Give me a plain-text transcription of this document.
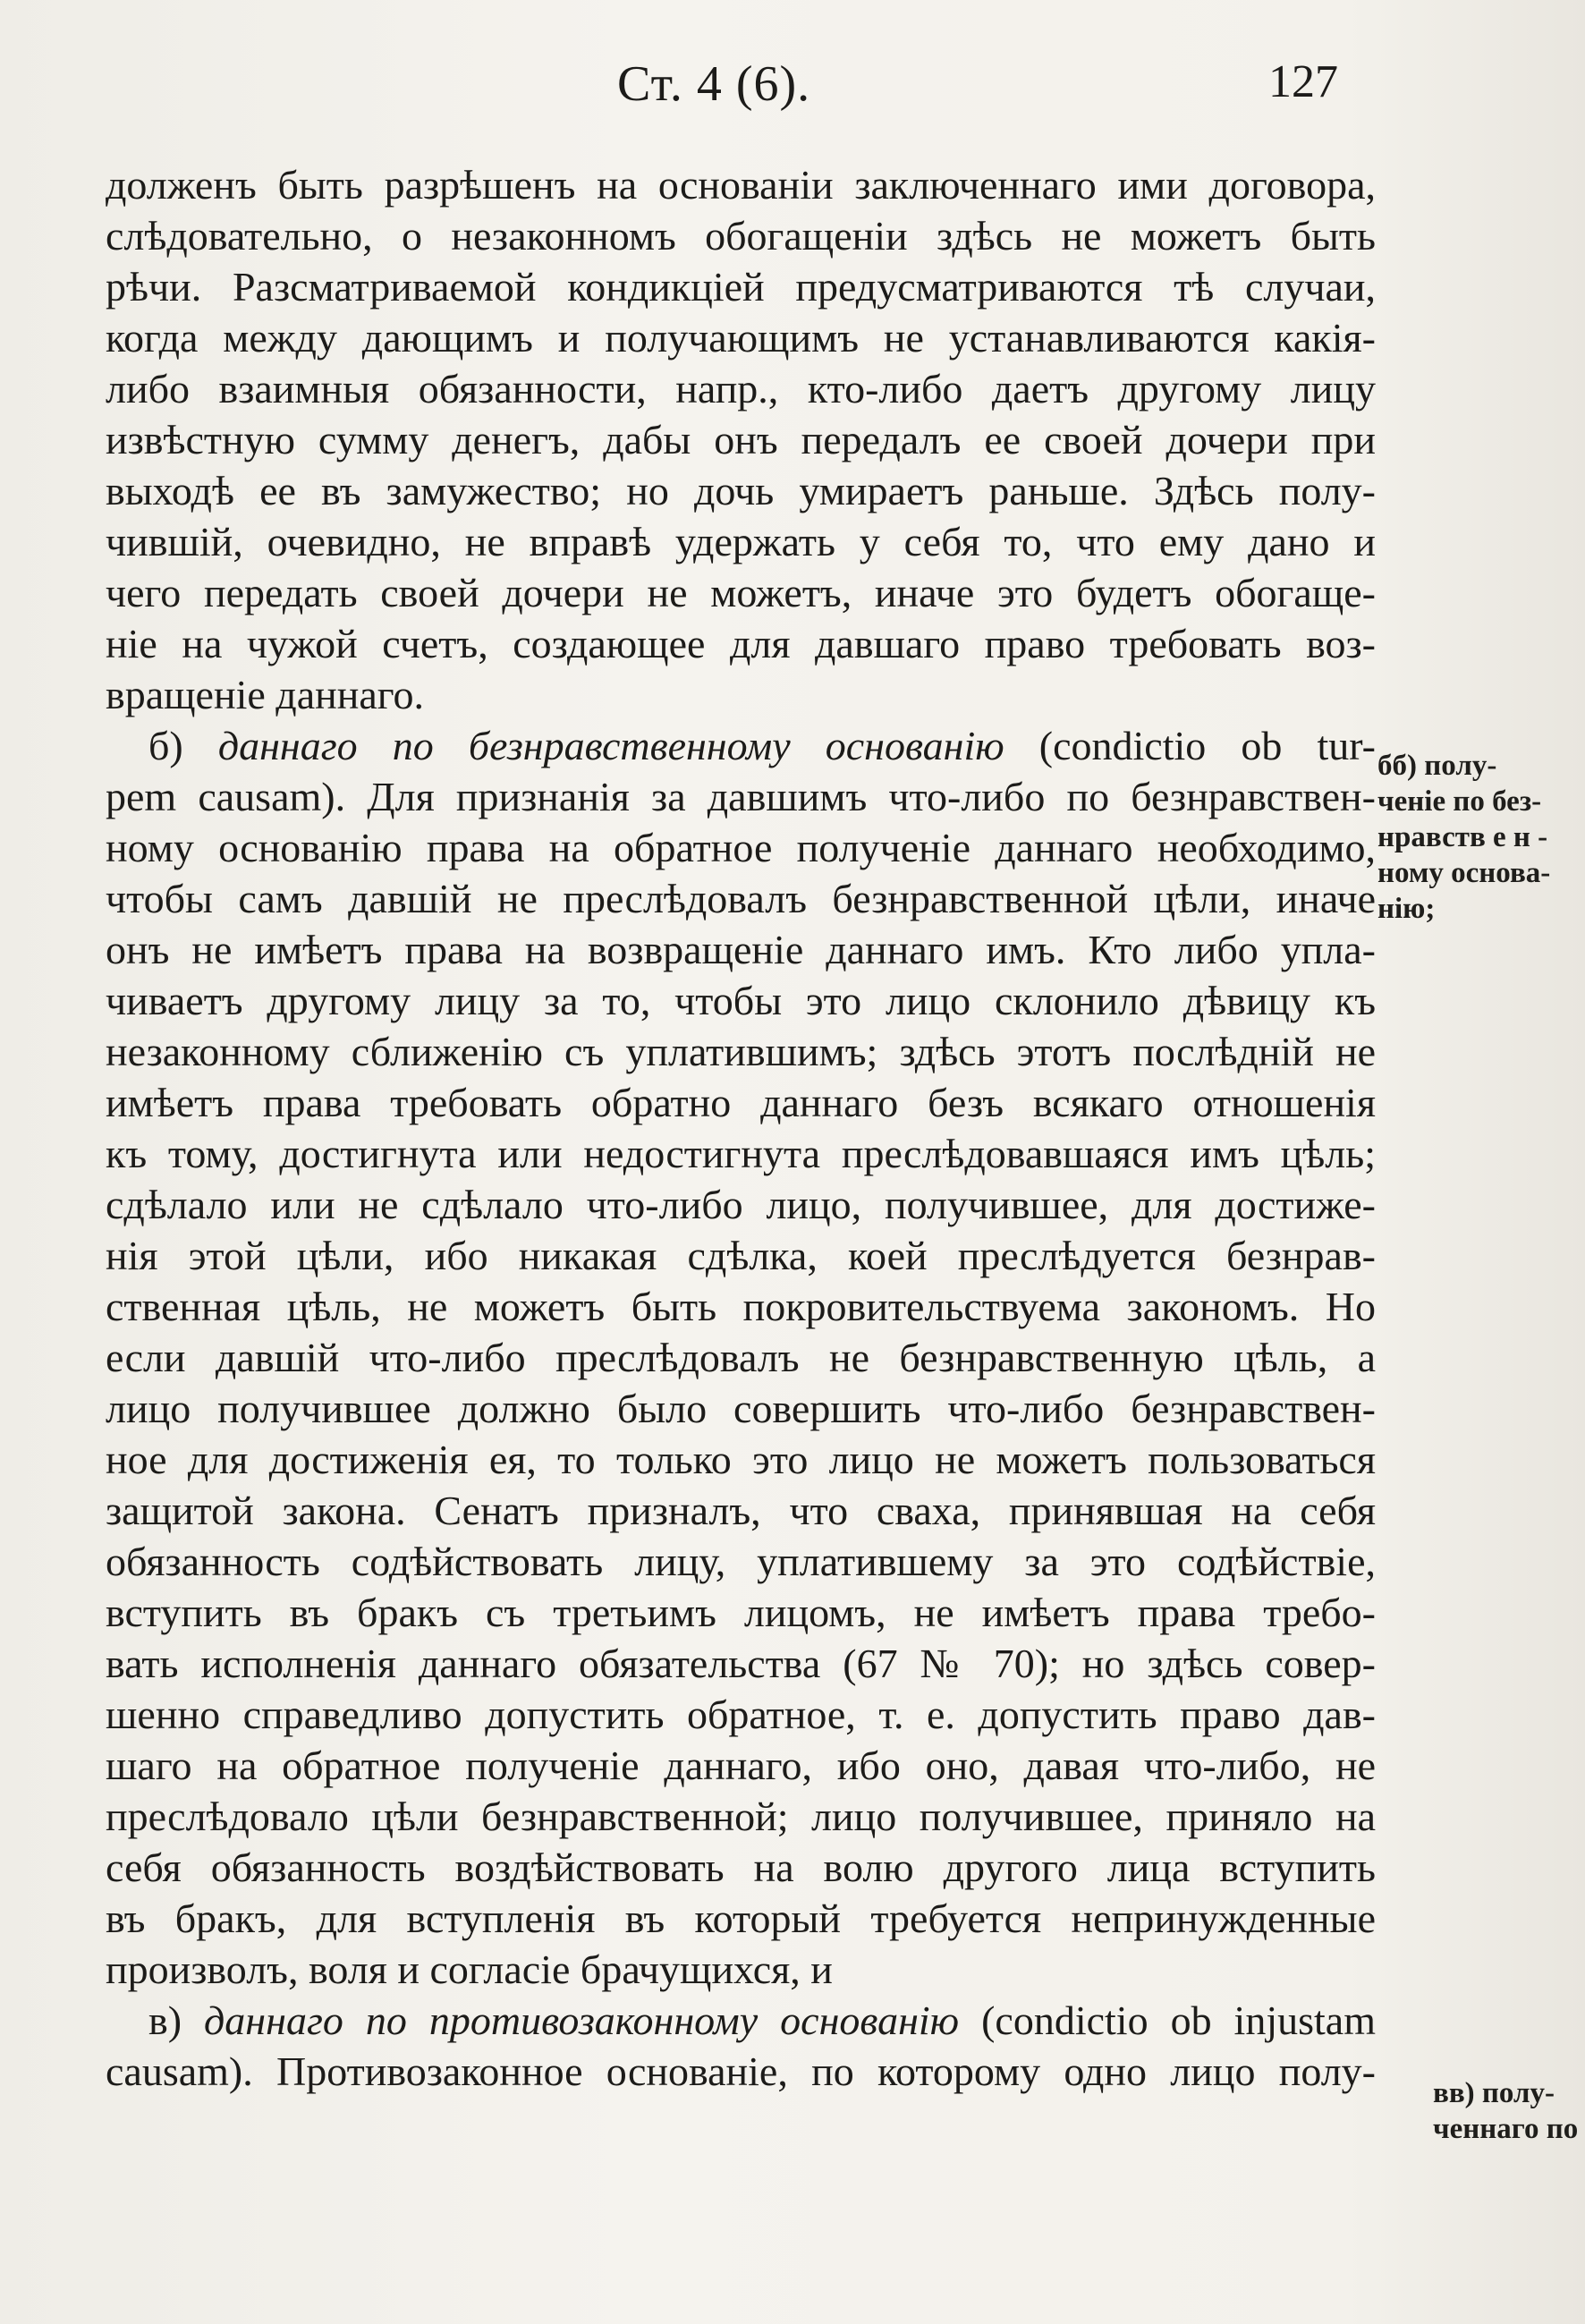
Ст. 4 (6).	127
долженъ быть разрѣшенъ на основаніи заключеннаго ими договора,
слѣдовательно, о незаконномъ обогащеніи здѣсь не можетъ быть
рѣчи. Разсматриваемой кондикціей предусматриваются тѣ случаи,
когда между дающимъ и получающимъ не устанавливаются какія-
либо взаимныя обязанности, напр., кто-либо даетъ другому лицу
извѣстную сумму денегъ, дабы онъ передалъ ее своей дочери при
выходѣ ее въ замужество; но дочь умираетъ раньше. Здѣсь полу-
чившій, очевидно, не вправѣ удержать у себя то, что ему дано и
чего передать своей дочери не можетъ, иначе это будетъ обогаще-
ніе на чужой счетъ, создающее для давшаго право требовать воз-
вращеніе даннаго.
б) даннаго по безнравственному основанію (condictio ob tur-
pem causam). Для признанія за давшимъ что-либо по безнравствен-
ному основанію права на обратное полученіе даннаго необходимо,
чтобы самъ давшій не преслѣдовалъ безнравственной цѣли, иначе
онъ не имѣетъ права на возвращеніе даннаго имъ. Кто либо упла-
чиваетъ другому лицу за то, чтобы это лицо склонило дѣвицу къ
незаконному сближенію съ уплатившимъ; здѣсь этотъ послѣдній не
имѣетъ права требовать обратно даннаго безъ всякаго отношенія
къ тому, достигнута или недостигнута преслѣдовавшаяся имъ цѣль;
сдѣлало или не сдѣлало что-либо лицо, получившее, для достиже-
нія этой цѣли, ибо никакая сдѣлка, коей преслѣдуется безнрав-
ственная цѣль, не можетъ быть покровительствуема закономъ. Но
если давшій что-либо преслѣдовалъ не безнравственную цѣль, а
лицо получившее должно было совершить что-либо безнравствен-
ное для достиженія ея, то только это лицо не можетъ пользоваться
защитой закона. Сенатъ призналъ, что сваха, принявшая на себя
обязанность содѣйствовать лицу, уплатившему за это содѣйствіе,
вступить въ бракъ съ третьимъ лицомъ, не имѣетъ права требо-
вать исполненія даннаго обязательства (67 № 70); но здѣсь совер-
шенно справедливо допустить обратное, т. е. допустить право дав-
шаго на обратное полученіе даннаго, ибо оно, давая что-либо, не
преслѣдовало цѣли безнравственной; лицо получившее, приняло на
себя обязанность воздѣйствовать на волю другого лица вступить
въ бракъ, для вступленія въ который требуется непринужденные
произволъ, воля и согласіе брачущихся, и
в) даннаго по противозаконному основанію (condictio ob injustam
causam). Противозаконное основаніе, по которому одно лицо полу-
бб) полу-
ченіе по без-
нравств е н -
ному основа-
нію;
вв) полу-
ченнаго по
